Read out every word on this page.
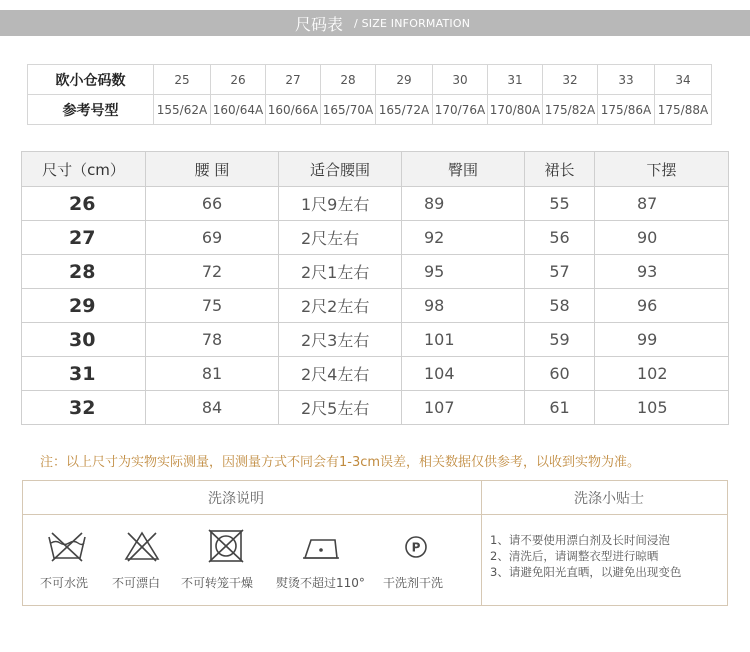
尺码表 / SIZE INFORMATION
欧小仓码数	25	26	27	28	29	30	31	32	33	34
参考号型	155/62A	160/64A	160/66A	165/70A	165/72A	170/76A	170/80A	175/82A	175/86A	175/88A
尺寸（cm）	腰 围	适合腰围	臀围	裙长	下摆
26	66	1尺9左右	89	55	87
27	69	2尺左右	92	56	90
28	72	2尺1左右	95	57	93
29	75	2尺2左右	98	58	96
30	78	2尺3左右	101	59	99
31	81	2尺4左右	104	60	102
32	84	2尺5左右	107	61	105
注：以上尺寸为实物实际测量，因测量方式不同会有1-3cm误差，相关数据仅供参考，以收到实物为准。
洗涤说明	洗涤小贴士
不可水洗 不可漂白 不可转笼干燥 熨烫不超过110°
P
干洗剂干洗
1、请不要使用漂白剂及长时间浸泡
2、清洗后，请调整衣型进行晾晒
3、请避免阳光直晒，以避免出现变色
